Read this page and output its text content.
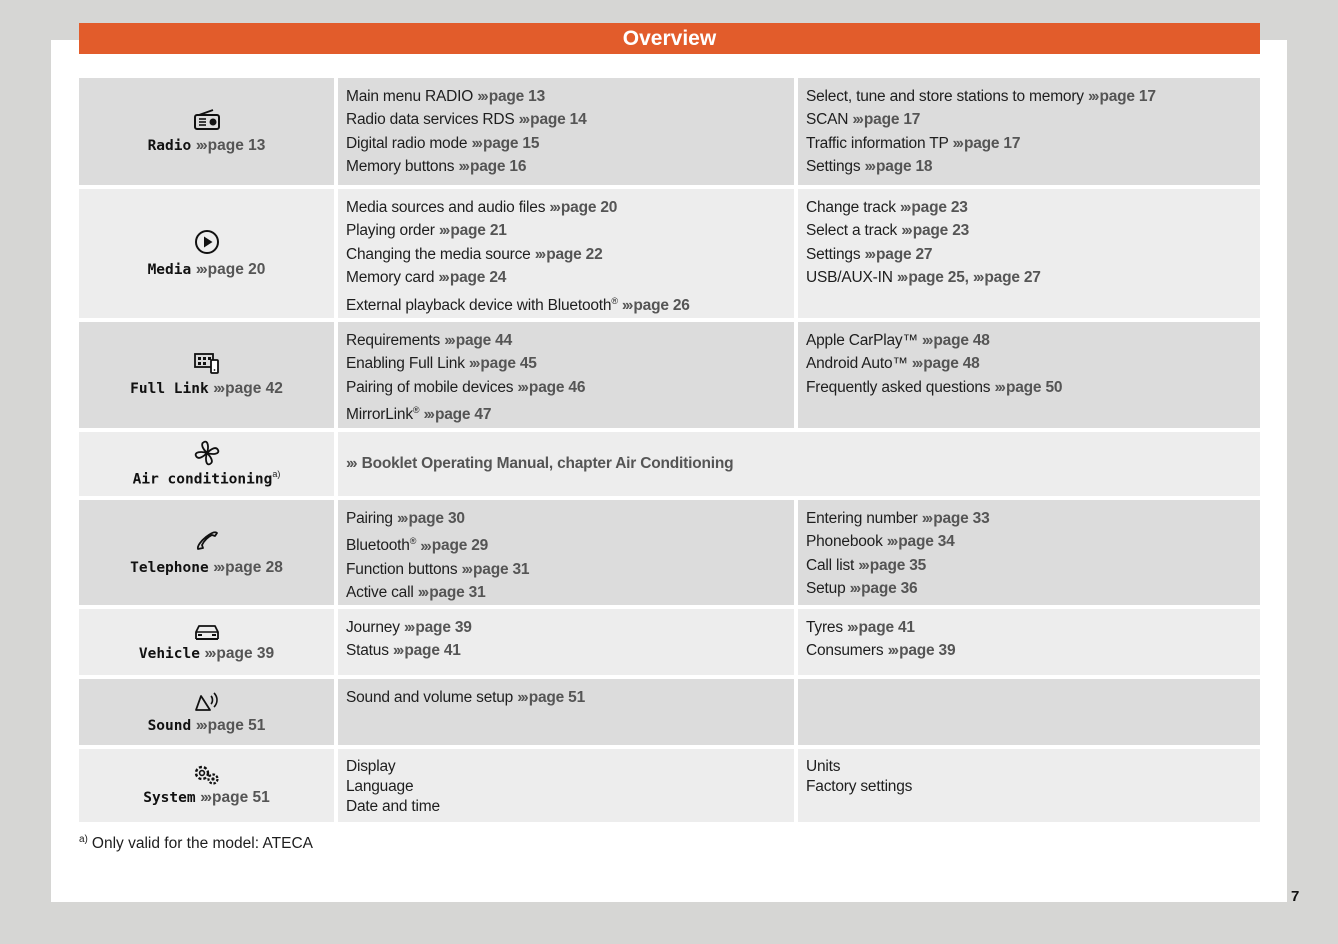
Overview
Radio ››› page 13
Main menu RADIO ››› page 13
Radio data services RDS ››› page 14
Digital radio mode ››› page 15
Memory buttons ››› page 16
Select, tune and store stations to memory ››› page 17
SCAN ››› page 17
Traffic information TP ››› page 17
Settings ››› page 18
Media ››› page 20
Media sources and audio files ››› page 20
Playing order ››› page 21
Changing the media source ››› page 22
Memory card ››› page 24
External playback device with Bluetooth® ››› page 26
Change track ››› page 23
Select a track ››› page 23
Settings ››› page 27
USB/AUX-IN ››› page 25, ››› page 27
Full Link ››› page 42
Requirements ››› page 44
Enabling Full Link ››› page 45
Pairing of mobile devices ››› page 46
MirrorLink® ››› page 47
Apple CarPlay™ ››› page 48
Android Auto™ ››› page 48
Frequently asked questions ››› page 50
Air conditioning$^{a)}$
››› Booklet Operating Manual, chapter Air Conditioning
Telephone ››› page 28
Pairing ››› page 30
Bluetooth® ››› page 29
Function buttons ››› page 31
Active call ››› page 31
Entering number ››› page 33
Phonebook ››› page 34
Call list ››› page 35
Setup ››› page 36
Vehicle ››› page 39
Journey ››› page 39
Status ››› page 41
Tyres ››› page 41
Consumers ››› page 39
Sound ››› page 51
Sound and volume setup ››› page 51
System ››› page 51
Display
Language
Date and time
Units
Factory settings
$^{a)}$ Only valid for the model: ATECA
7
